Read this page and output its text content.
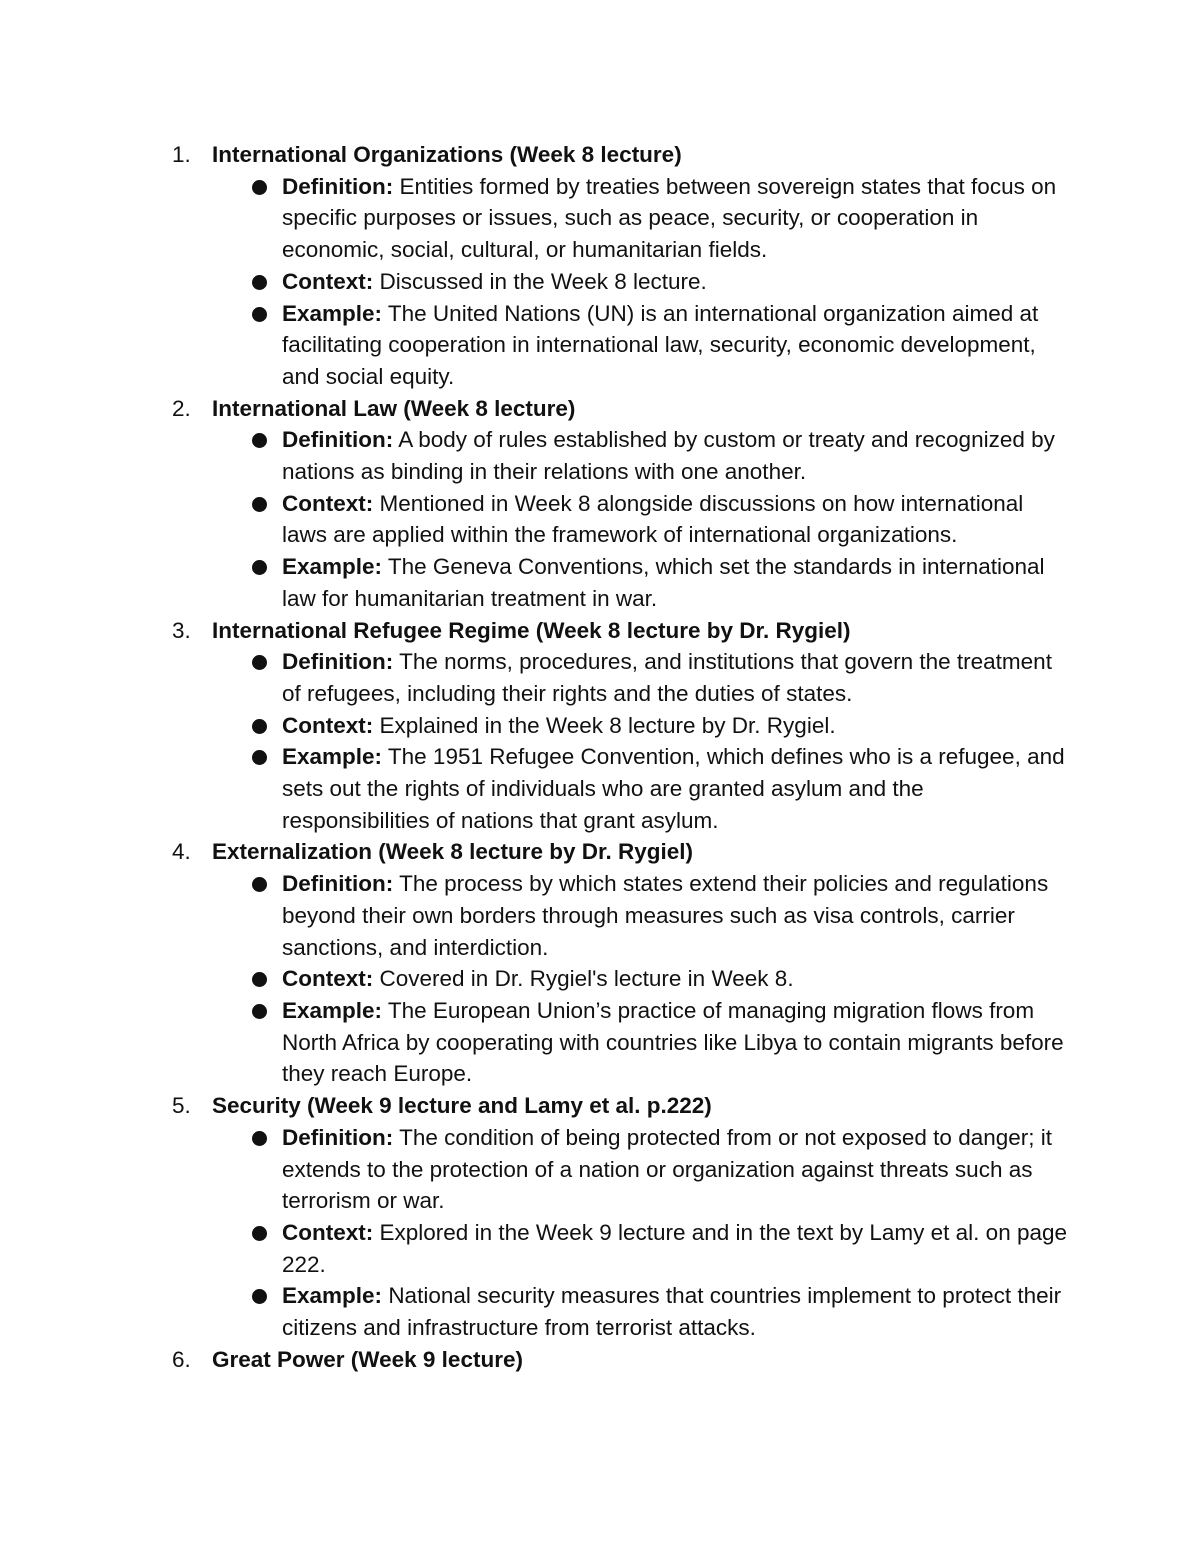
1. International Organizations (Week 8 lecture)
Definition: Entities formed by treaties between sovereign states that focus on specific purposes or issues, such as peace, security, or cooperation in economic, social, cultural, or humanitarian fields.
Context: Discussed in the Week 8 lecture.
Example: The United Nations (UN) is an international organization aimed at facilitating cooperation in international law, security, economic development, and social equity.
2. International Law (Week 8 lecture)
Definition: A body of rules established by custom or treaty and recognized by nations as binding in their relations with one another.
Context: Mentioned in Week 8 alongside discussions on how international laws are applied within the framework of international organizations.
Example: The Geneva Conventions, which set the standards in international law for humanitarian treatment in war.
3. International Refugee Regime (Week 8 lecture by Dr. Rygiel)
Definition: The norms, procedures, and institutions that govern the treatment of refugees, including their rights and the duties of states.
Context: Explained in the Week 8 lecture by Dr. Rygiel.
Example: The 1951 Refugee Convention, which defines who is a refugee, and sets out the rights of individuals who are granted asylum and the responsibilities of nations that grant asylum.
4. Externalization (Week 8 lecture by Dr. Rygiel)
Definition: The process by which states extend their policies and regulations beyond their own borders through measures such as visa controls, carrier sanctions, and interdiction.
Context: Covered in Dr. Rygiel's lecture in Week 8.
Example: The European Union’s practice of managing migration flows from North Africa by cooperating with countries like Libya to contain migrants before they reach Europe.
5. Security (Week 9 lecture and Lamy et al. p.222)
Definition: The condition of being protected from or not exposed to danger; it extends to the protection of a nation or organization against threats such as terrorism or war.
Context: Explored in the Week 9 lecture and in the text by Lamy et al. on page 222.
Example: National security measures that countries implement to protect their citizens and infrastructure from terrorist attacks.
6. Great Power (Week 9 lecture)
